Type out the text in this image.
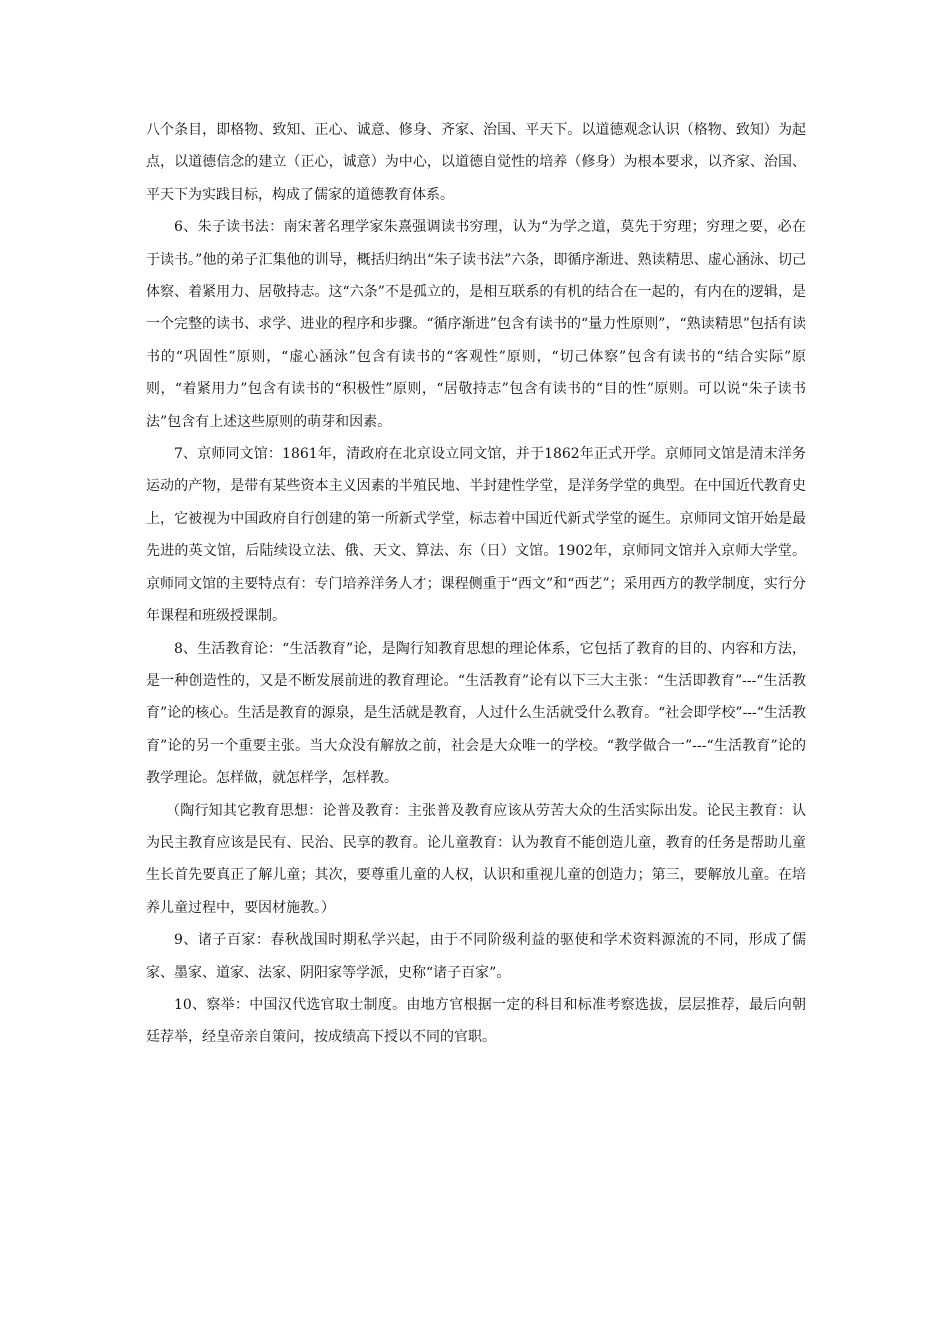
八个条目，即格物、致知、正心、诚意、修身、齐家、治国、平天下。以道德观念认识（格物、致知）为起点，以道德信念的建立（正心，诚意）为中心，以道德自觉性的培养（修身）为根本要求，以齐家、治国、平天下为实践目标，构成了儒家的道德教育体系。

6、朱子读书法：南宋著名理学家朱熹强调读书穷理，认为“为学之道，莫先于穷理；穷理之要，必在于读书。”他的弟子汇集他的训导，概括归纳出“朱子读书法”六条，即循序渐进、熟读精思、虚心涵泳、切己体察、着紧用力、居敬持志。这“六条”不是孤立的，是相互联系的有机的结合在一起的，有内在的逻辑，是一个完整的读书、求学、进业的程序和步骤。“循序渐进”包含有读书的“量力性原则”，“熟读精思”包括有读书的“巩固性”原则，“虚心涵泳”包含有读书的“客观性”原则，“切己体察”包含有读书的“结合实际”原则，“着紧用力”包含有读书的“积极性”原则，“居敬持志”包含有读书的“目的性”原则。可以说“朱子读书法”包含有上述这些原则的萌芽和因素。

7、京师同文馆：1861年，清政府在北京设立同文馆，并于1862年正式开学。京师同文馆是清末洋务运动的产物，是带有某些资本主义因素的半殖民地、半封建性学堂，是洋务学堂的典型。在中国近代教育史上，它被视为中国政府自行创建的第一所新式学堂，标志着中国近代新式学堂的诞生。京师同文馆开始是最先进的英文馆，后陆续设立法、俄、天文、算法、东（日）文馆。1902年，京师同文馆并入京师大学堂。京师同文馆的主要特点有：专门培养洋务人才；课程侧重于“西文”和“西艺”；采用西方的教学制度，实行分年课程和班级授课制。

8、生活教育论：“生活教育”论，是陶行知教育思想的理论体系，它包括了教育的目的、内容和方法，是一种创造性的，又是不断发展前进的教育理论。“生活教育”论有以下三大主张：“生活即教育”---“生活教育”论的核心。生活是教育的源泉，是生活就是教育，人过什么生活就受什么教育。“社会即学校”---“生活教育”论的另一个重要主张。当大众没有解放之前，社会是大众唯一的学校。“教学做合一”---“生活教育”论的教学理论。怎样做，就怎样学，怎样教。

（陶行知其它教育思想：论普及教育：主张普及教育应该从劳苦大众的生活实际出发。论民主教育：认为民主教育应该是民有、民治、民享的教育。论儿童教育：认为教育不能创造儿童，教育的任务是帮助儿童生长首先要真正了解儿童；其次，要尊重儿童的人权，认识和重视儿童的创造力；第三，要解放儿童。在培养儿童过程中，要因材施教。）

9、诸子百家：春秋战国时期私学兴起，由于不同阶级利益的驱使和学术资料源流的不同，形成了儒家、墨家、道家、法家、阴阳家等学派，史称“诸子百家”。

10、察举：中国汉代选官取士制度。由地方官根据一定的科目和标准考察选拔，层层推荐，最后向朝廷荐举，经皇帝亲自策问，按成绩高下授以不同的官职。
